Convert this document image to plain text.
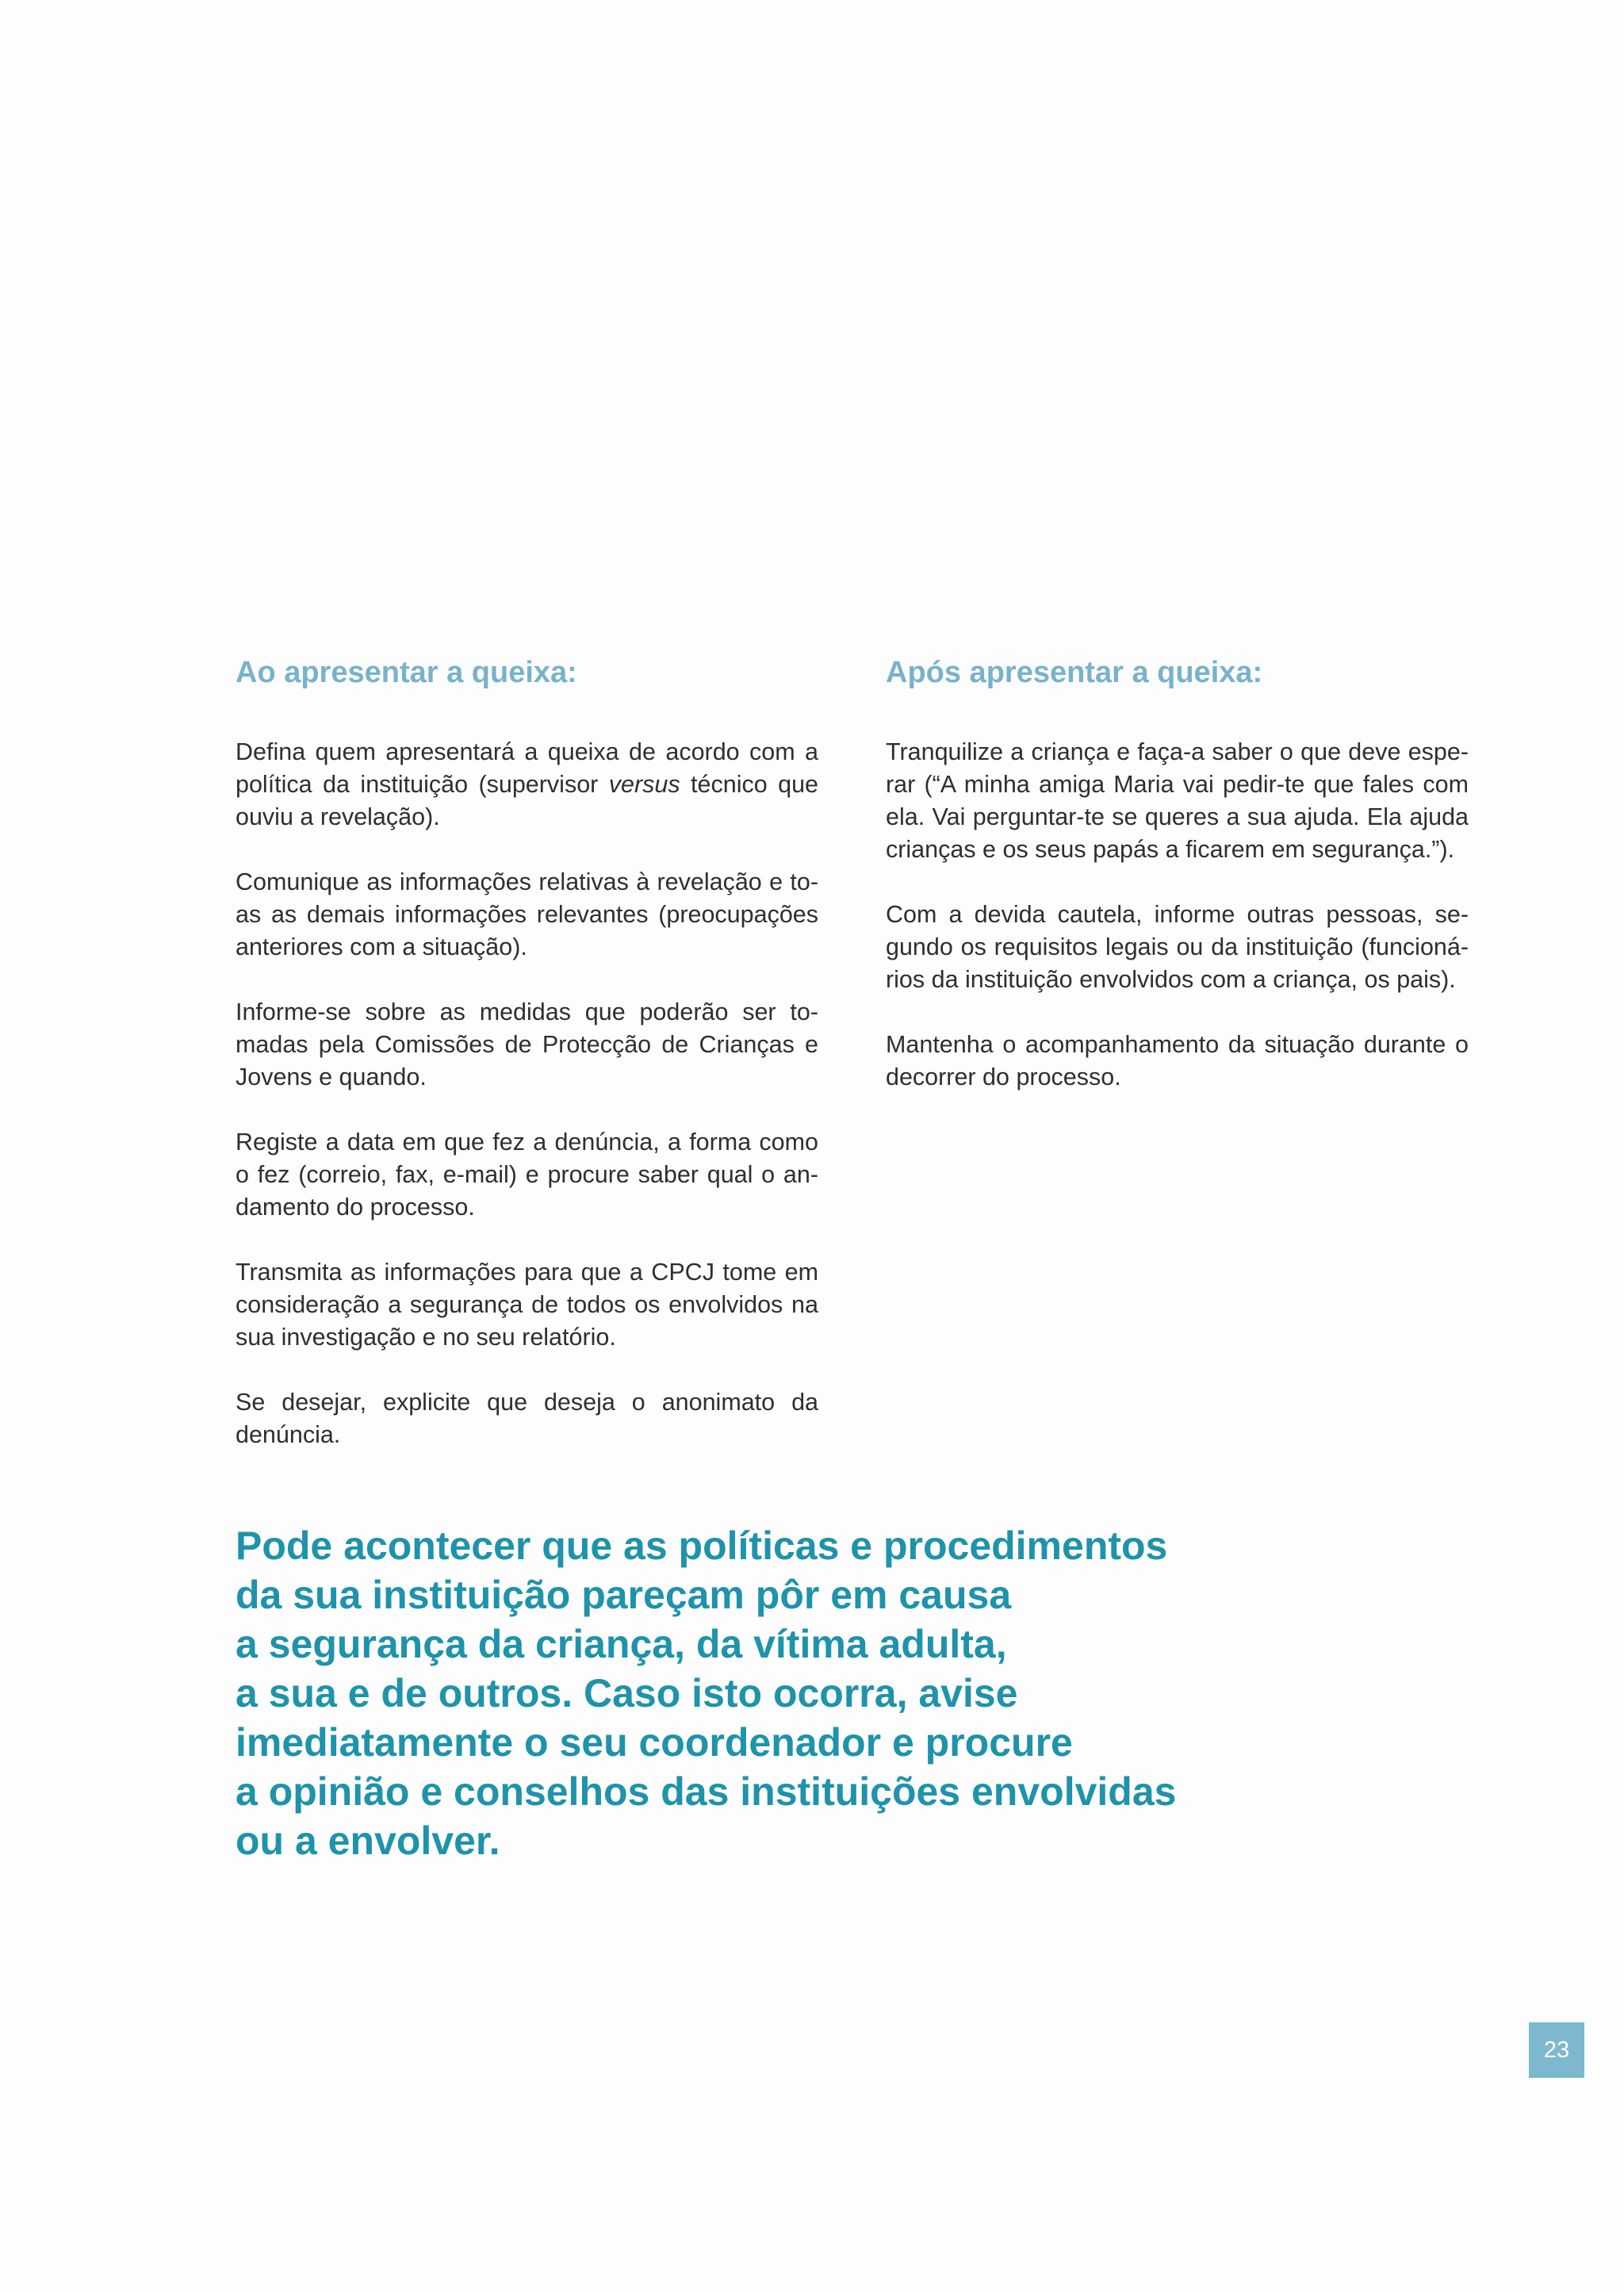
Ao apresentar a queixa:

Defina quem apresentará a queixa de acordo com a política da instituição (supervisor versus técnico que ouviu a revelação).

Comunique as informações relativas à revelação e toas as demais informações relevantes (preocupações anteriores com a situação).

Informe-se sobre as medidas que poderão ser tomadas pela Comissões de Protecção de Crianças e Jovens e quando.

Registe a data em que fez a denúncia, a forma como o fez (correio, fax, e-mail) e procure saber qual o andamento do processo.

Transmita as informações para que a CPCJ tome em consideração a segurança de todos os envolvidos na sua investigação e no seu relatório.

Se desejar, explicite que deseja o anonimato da denúncia.

Após apresentar a queixa:

Tranquilize a criança e faça-a saber o que deve esperar (“A minha amiga Maria vai pedir-te que fales com ela. Vai perguntar-te se queres a sua ajuda. Ela ajuda crianças e os seus papás a ficarem em segurança.”).

Com a devida cautela, informe outras pessoas, segundo os requisitos legais ou da instituição (funcionários da instituição envolvidos com a criança, os pais).

Mantenha o acompanhamento da situação durante o decorrer do processo.

Pode acontecer que as políticas e procedimentos
da sua instituição pareçam pôr em causa
a segurança da criança, da vítima adulta,
a sua e de outros. Caso isto ocorra, avise
imediatamente o seu coordenador e procure
a opinião e conselhos das instituições envolvidas
ou a envolver.
23
